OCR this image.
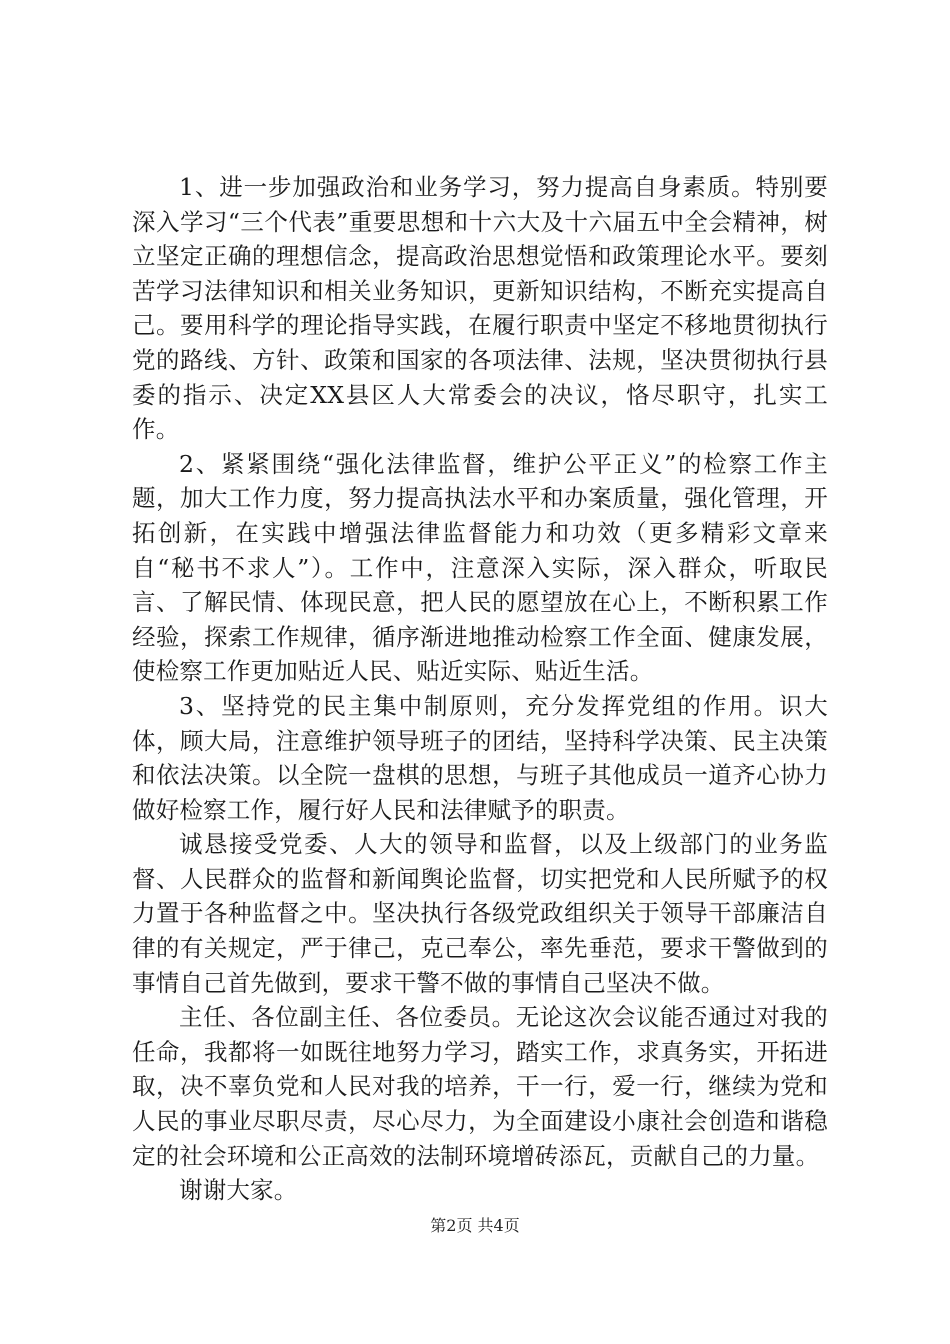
1、进一步加强政治和业务学习，努力提高自身素质。特别要深入学习“三个代表”重要思想和十六大及十六届五中全会精神，树立坚定正确的理想信念，提高政治思想觉悟和政策理论水平。要刻苦学习法律知识和相关业务知识，更新知识结构，不断充实提高自己。要用科学的理论指导实践，在履行职责中坚定不移地贯彻执行党的路线、方针、政策和国家的各项法律、法规，坚决贯彻执行县委的指示、决定XX县区人大常委会的决议，恪尽职守，扎实工作。

2、紧紧围绕“强化法律监督，维护公平正义”的检察工作主题，加大工作力度，努力提高执法水平和办案质量，强化管理，开拓创新，在实践中增强法律监督能力和功效（更多精彩文章来自“秘书不求人”）。工作中，注意深入实际，深入群众，听取民言、了解民情、体现民意，把人民的愿望放在心上，不断积累工作经验，探索工作规律，循序渐进地推动检察工作全面、健康发展，使检察工作更加贴近人民、贴近实际、贴近生活。

3、坚持党的民主集中制原则，充分发挥党组的作用。识大体，顾大局，注意维护领导班子的团结，坚持科学决策、民主决策和依法决策。以全院一盘棋的思想，与班子其他成员一道齐心协力做好检察工作，履行好人民和法律赋予的职责。

诚恳接受党委、人大的领导和监督，以及上级部门的业务监督、人民群众的监督和新闻舆论监督，切实把党和人民所赋予的权力置于各种监督之中。坚决执行各级党政组织关于领导干部廉洁自律的有关规定，严于律己，克己奉公，率先垂范，要求干警做到的事情自己首先做到，要求干警不做的事情自己坚决不做。

主任、各位副主任、各位委员。无论这次会议能否通过对我的任命，我都将一如既往地努力学习，踏实工作，求真务实，开拓进取，决不辜负党和人民对我的培养，干一行，爱一行，继续为党和人民的事业尽职尽责，尽心尽力，为全面建设小康社会创造和谐稳定的社会环境和公正高效的法制环境增砖添瓦，贡献自己的力量。

谢谢大家。

第2页 共4页
